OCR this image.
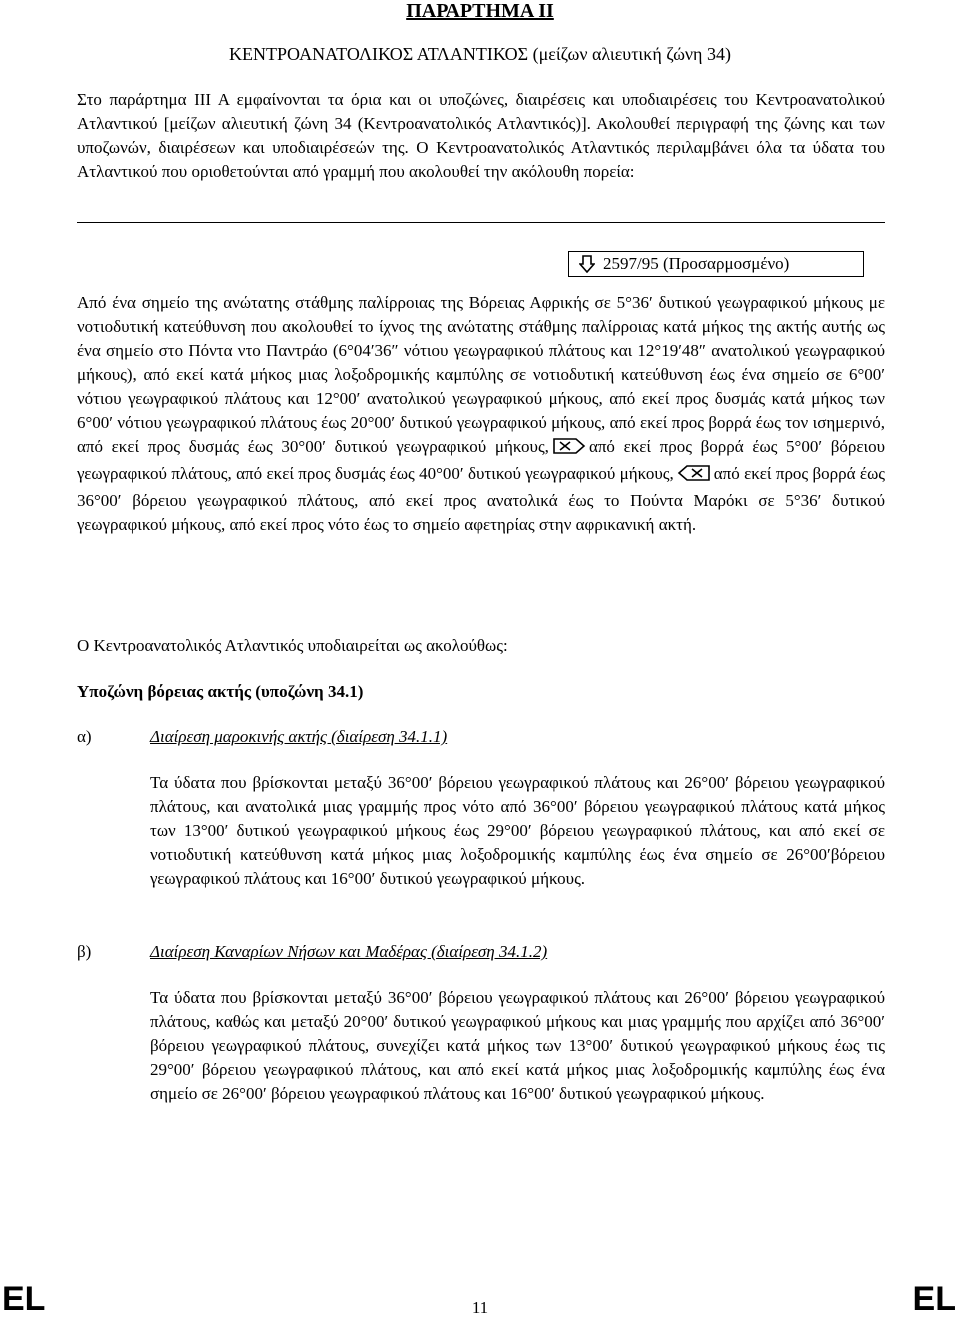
ΠΑΡΑΡΤΗΜΑ ΙΙ
ΚΕΝΤΡΟΑΝΑΤΟΛΙΚΟΣ ΑΤΛΑΝΤΙΚΟΣ (μείζων αλιευτική ζώνη 34)

Στο παράρτημα ΙΙΙ Α εμφαίνονται τα όρια και οι υποζώνες, διαιρέσεις και υποδιαιρέσεις του Κεντροανατολικού Ατλαντικού [μείζων αλιευτική ζώνη 34 (Κεντροανατολικός Ατλαντικός)]. Ακολουθεί περιγραφή της ζώνης και των υποζωνών, διαιρέσεων και υποδιαιρέσεών της. Ο Κεντροανατολικός Ατλαντικός περιλαμβάνει όλα τα ύδατα του Ατλαντικού που οριοθετούνται από γραμμή που ακολουθεί την ακόλουθη πορεία:

2597/95 (Προσαρμοσμένο)

Από ένα σημείο της ανώτατης στάθμης παλίρροιας της Βόρειας Αφρικής σε 5°36′ δυτικού γεωγραφικού μήκους με νοτιοδυτική κατεύθυνση που ακολουθεί το ίχνος της ανώτατης στάθμης παλίρροιας κατά μήκος της ακτής αυτής ως ένα σημείο στο Πόντα ντο Παντράο (6°04′36″ νότιου γεωγραφικού πλάτους και 12°19′48″ ανατολικού γεωγραφικού μήκους), από εκεί κατά μήκος μιας λοξοδρομικής καμπύλης σε νοτιοδυτική κατεύθυνση έως ένα σημείο σε 6°00′ νότιου γεωγραφικού πλάτους και 12°00′ ανατολικού γεωγραφικού μήκους, από εκεί προς δυσμάς κατά μήκος των 6°00′ νότιου γεωγραφικού πλάτους έως 20°00′ δυτικού γεωγραφικού μήκους, από εκεί προς βορρά έως τον ισημερινό, από εκεί προς δυσμάς έως 30°00′ δυτικού γεωγραφικού μήκους, από εκεί προς βορρά έως 5°00′ βόρειου γεωγραφικού πλάτους, από εκεί προς δυσμάς έως 40°00′ δυτικού γεωγραφικού μήκους, από εκεί προς βορρά έως 36°00′ βόρειου γεωγραφικού πλάτους, από εκεί προς ανατολικά έως το Πούντα Μαρόκι σε 5°36′ δυτικού γεωγραφικού μήκους, από εκεί προς νότο έως το σημείο αφετηρίας στην αφρικανική ακτή.

Ο Κεντροανατολικός Ατλαντικός υποδιαιρείται ως ακολούθως:
Υποζώνη βόρειας ακτής (υποζώνη 34.1)
α)	Διαίρεση μαροκινής ακτής (διαίρεση 34.1.1)

Τα ύδατα που βρίσκονται μεταξύ 36°00′ βόρειου γεωγραφικού πλάτους και 26°00′ βόρειου γεωγραφικού πλάτους, και ανατολικά μιας γραμμής προς νότο από 36°00′ βόρειου γεωγραφικού πλάτους κατά μήκος των 13°00′ δυτικού γεωγραφικού μήκους έως 29°00′ βόρειου γεωγραφικού πλάτους, και από εκεί σε νοτιοδυτική κατεύθυνση κατά μήκος μιας λοξοδρομικής καμπύλης έως ένα σημείο σε 26°00′βόρειου γεωγραφικού πλάτους και 16°00′ δυτικού γεωγραφικού μήκους.

β)	Διαίρεση Καναρίων Νήσων και Μαδέρας (διαίρεση 34.1.2)

Τα ύδατα που βρίσκονται μεταξύ 36°00′ βόρειου γεωγραφικού πλάτους και 26°00′ βόρειου γεωγραφικού πλάτους, καθώς και μεταξύ 20°00′ δυτικού γεωγραφικού μήκους και μιας γραμμής που αρχίζει από 36°00′ βόρειου γεωγραφικού πλάτους, συνεχίζει κατά μήκος των 13°00′ δυτικού γεωγραφικού μήκους έως τις 29°00′ βόρειου γεωγραφικού πλάτους, και από εκεί κατά μήκος μιας λοξοδρομικής καμπύλης έως ένα σημείο σε 26°00′ βόρειου γεωγραφικού πλάτους και 16°00′ δυτικού γεωγραφικού μήκους.

EL	11	EL
